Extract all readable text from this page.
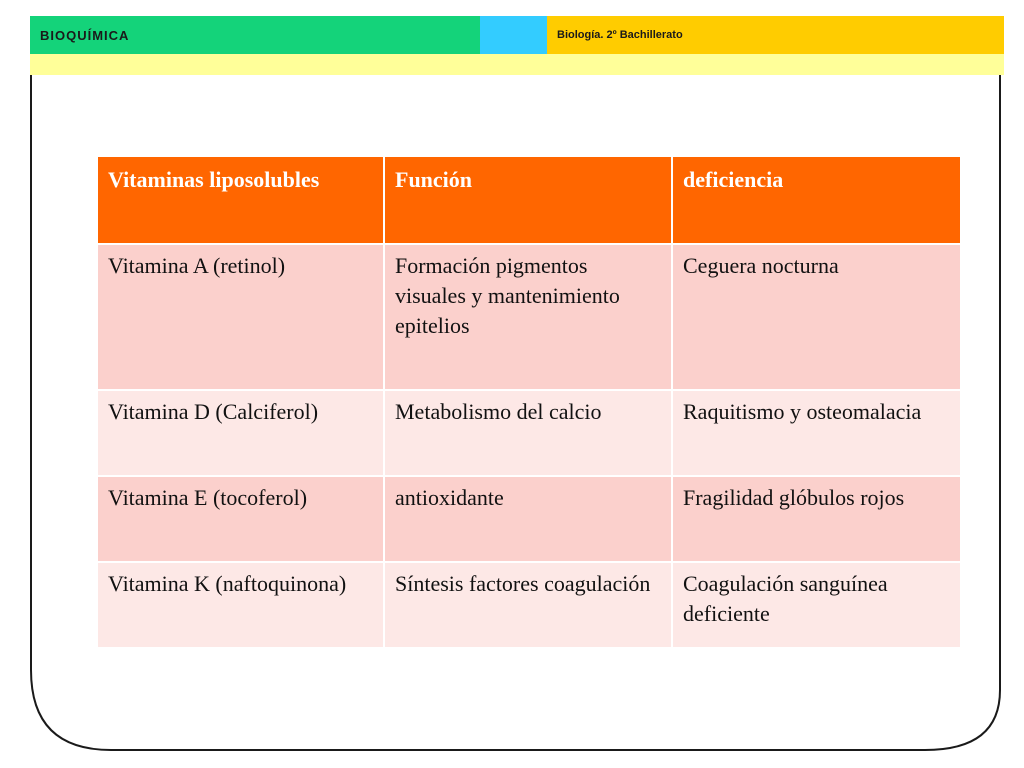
BIOQUÍMICA	Biología. 2º Bachillerato
Vitaminas liposolubles	Función	deficiencia
Vitamina A (retinol)	Formación pigmentos visuales y mantenimiento epitelios	Ceguera nocturna
Vitamina D (Calciferol)	Metabolismo del calcio	Raquitismo y osteomalacia
Vitamina E (tocoferol)	antioxidante	Fragilidad glóbulos rojos
Vitamina K (naftoquinona)	Síntesis factores coagulación	Coagulación sanguínea deficiente
